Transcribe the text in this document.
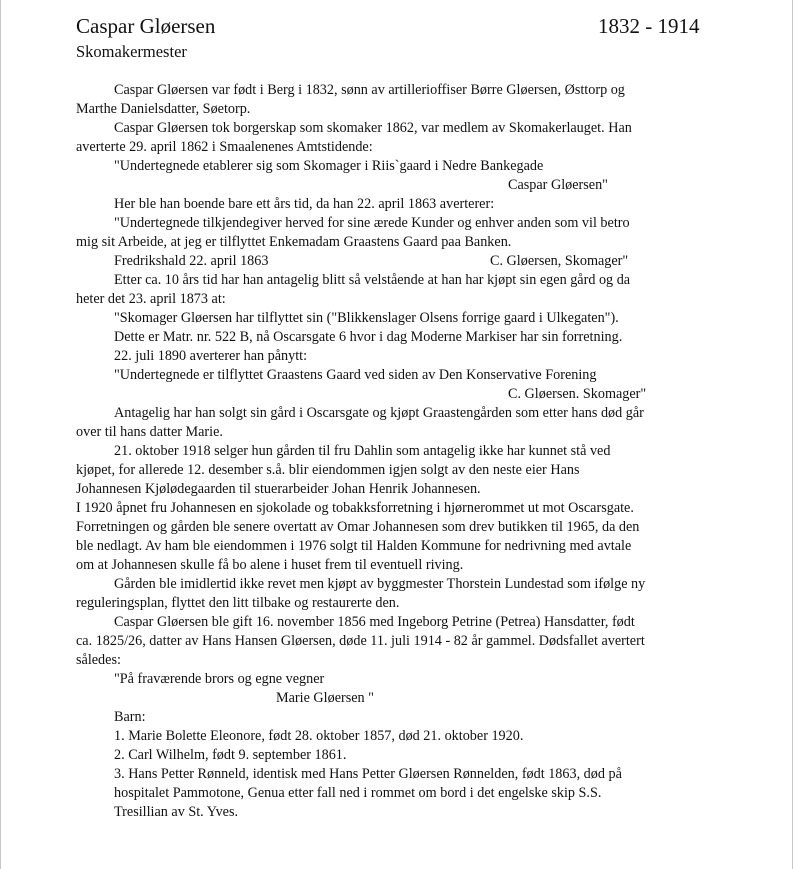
Caspar Gløersen	1832 - 1914
Skomakermester
Caspar Gløersen var født i Berg i 1832, sønn av artillerioffiser Børre Gløersen, Østtorp og
Marthe Danielsdatter, Søetorp.
Caspar Gløersen tok borgerskap som skomaker 1862, var medlem av Skomakerlauget. Han
averterte 29. april 1862 i Smaalenenes Amtstidende:
"Undertegnede etablerer sig som Skomager i Riis`gaard i Nedre Bankegade
Caspar Gløersen"
Her ble han boende bare ett års tid, da han 22. april 1863 averterer:
"Undertegnede tilkjendegiver herved for sine ærede Kunder og enhver anden som vil betro
mig sit Arbeide, at jeg er tilflyttet Enkemadam Graastens Gaard paa Banken.
Fredrikshald 22. april 1863	C. Gløersen, Skomager"
Etter ca. 10 års tid har han antagelig blitt så velstående at han har kjøpt sin egen gård og da
heter det 23. april 1873 at:
"Skomager Gløersen har tilflyttet sin ("Blikkenslager Olsens forrige gaard i Ulkegaten").
Dette er Matr. nr. 522 B, nå Oscarsgate 6 hvor i dag Moderne Markiser har sin forretning.
22. juli 1890 averterer han pånytt:
"Undertegnede er tilflyttet Graastens Gaard ved siden av Den Konservative Forening
C. Gløersen. Skomager"
Antagelig har han solgt sin gård i Oscarsgate og kjøpt Graastengården som etter hans død går
over til hans datter Marie.
21. oktober 1918 selger hun gården til fru Dahlin som antagelig ikke har kunnet stå ved
kjøpet, for allerede 12. desember s.å. blir eiendommen igjen solgt av den neste eier Hans
Johannesen Kjølødegaarden til stuerarbeider Johan Henrik Johannesen.
I 1920 åpnet fru Johannesen en sjokolade og tobakksforretning i hjørnerommet ut mot Oscarsgate.
Forretningen og gården ble senere overtatt av Omar Johannesen som drev butikken til 1965, da den
ble nedlagt. Av ham ble eiendommen i 1976 solgt til Halden Kommune for nedrivning med avtale
om at Johannesen skulle få bo alene i huset frem til eventuell riving.
Gården ble imidlertid ikke revet men kjøpt av byggmester Thorstein Lundestad som ifølge ny
reguleringsplan, flyttet den litt tilbake og restaurerte den.
Caspar Gløersen ble gift 16. november 1856 med Ingeborg Petrine (Petrea) Hansdatter, født
ca. 1825/26, datter av Hans Hansen Gløersen, døde 11. juli 1914 - 82 år gammel. Dødsfallet avertert
således:
"På fraværende brors og egne vegner
Marie Gløersen "
Barn:
1. Marie Bolette Eleonore, født 28. oktober 1857, død 21. oktober 1920.
2. Carl Wilhelm, født 9. september 1861.
3. Hans Petter Rønneld, identisk med Hans Petter Gløersen Rønnelden, født 1863, død på
hospitalet Pammotone, Genua etter fall ned i rommet om bord i det engelske skip S.S.
Tresillian av St. Yves.
